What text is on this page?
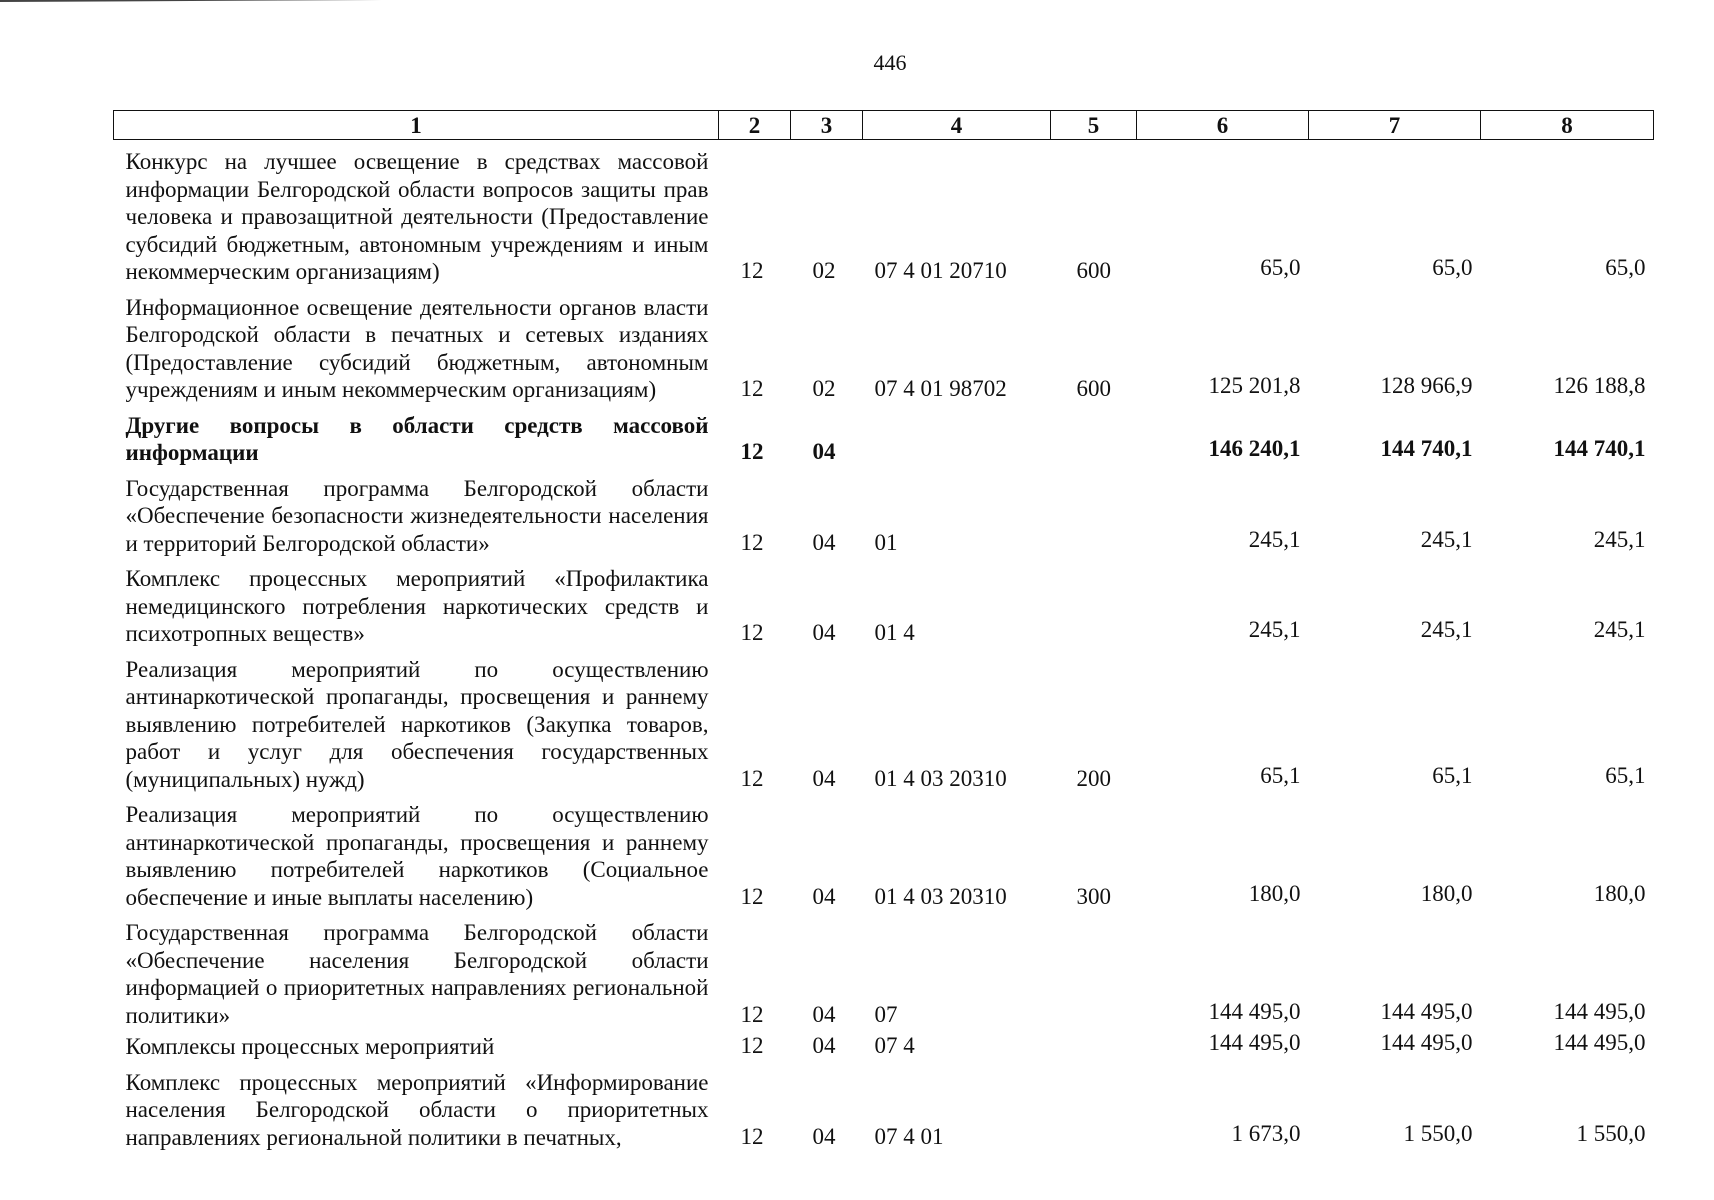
446
1	2	3	4	5	6	7	8
Конкурс на лучшее освещение в средствах массовой информации Белгородской области вопросов защиты прав человека и правозащитной деятельности (Предоставление субсидий бюджетным, автономным учреждениям и иным некоммерческим организациям)	12	02	07 4 01 20710	600	65,0	65,0	65,0
Информационное освещение деятельности органов власти Белгородской области в печатных и сетевых изданиях (Предоставление субсидий бюджетным, автономным учреждениям и иным некоммерческим организациям)	12	02	07 4 01 98702	600	125 201,8	128 966,9	126 188,8
Другие вопросы в области средств массовой информации	12	04			146 240,1	144 740,1	144 740,1
Государственная программа Белгородской области «Обеспечение безопасности жизнедеятельности населения и территорий Белгородской области»	12	04	01		245,1	245,1	245,1
Комплекс процессных мероприятий «Профилактика немедицинского потребления наркотических средств и психотропных веществ»	12	04	01 4		245,1	245,1	245,1
Реализация мероприятий по осуществлению антинаркотической пропаганды, просвещения и раннему выявлению потребителей наркотиков (Закупка товаров, работ и услуг для обеспечения государственных (муниципальных) нужд)	12	04	01 4 03 20310	200	65,1	65,1	65,1
Реализация мероприятий по осуществлению антинаркотической пропаганды, просвещения и раннему выявлению потребителей наркотиков (Социальное обеспечение и иные выплаты населению)	12	04	01 4 03 20310	300	180,0	180,0	180,0
Государственная программа Белгородской области «Обеспечение населения Белгородской области информацией о приоритетных направлениях региональной политики»	12	04	07		144 495,0	144 495,0	144 495,0
Комплексы процессных мероприятий	12	04	07 4		144 495,0	144 495,0	144 495,0
Комплекс процессных мероприятий «Информирование населения Белгородской области о приоритетных направлениях региональной политики в печатных,	12	04	07 4 01		1 673,0	1 550,0	1 550,0
